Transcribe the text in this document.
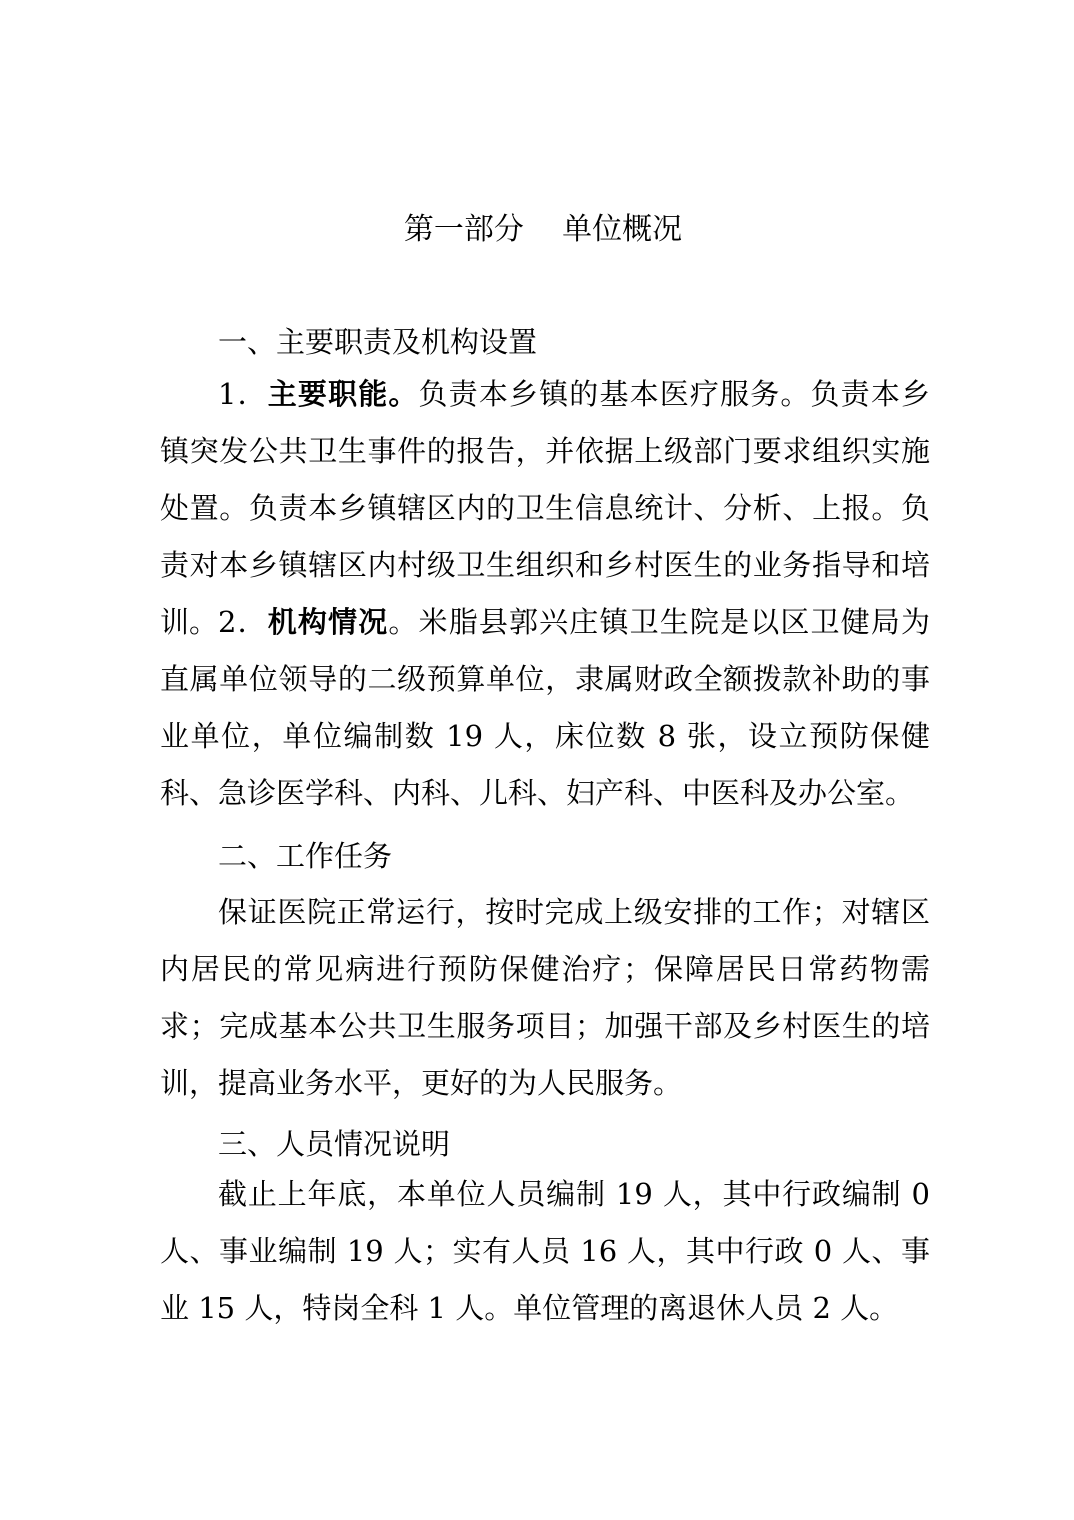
第一部分    单位概况
一、主要职责及机构设置

1．主要职能。负责本乡镇的基本医疗服务。负责本乡镇突发公共卫生事件的报告，并依据上级部门要求组织实施处置。负责本乡镇辖区内的卫生信息统计、分析、上报。负责对本乡镇辖区内村级卫生组织和乡村医生的业务指导和培训。 2．机构情况。米脂县郭兴庄镇卫生院是以区卫健局为直属单位领导的二级预算单位，隶属财政全额拨款补助的事业单位，单位编制数 19 人，床位数 8 张，设立预防保健科、急诊医学科、内科、儿科、妇产科、中医科及办公室。

二、工作任务

保证医院正常运行，按时完成上级安排的工作；对辖区内居民的常见病进行预防保健治疗；保障居民日常药物需求；完成基本公共卫生服务项目；加强干部及乡村医生的培训，提高业务水平，更好的为人民服务。

三、人员情况说明

截止上年底，本单位人员编制 19 人，其中行政编制 0 人、事业编制 19 人；实有人员 16 人，其中行政 0 人、事业 15 人，特岗全科 1 人。单位管理的离退休人员 2 人。
